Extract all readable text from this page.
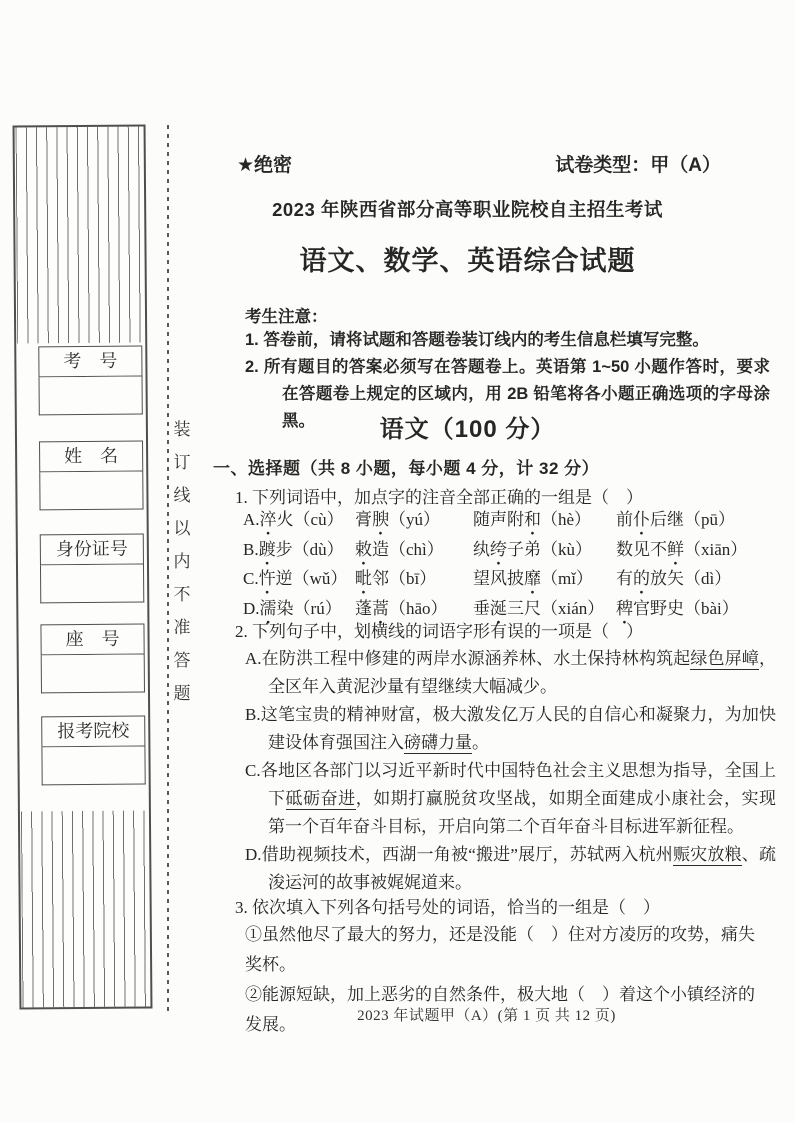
考　号
姓　名
身份证号
座　号
报考院校
装
订
线
以
内
不
准
答
题
★绝密	试卷类型：甲（A）
2023 年陕西省部分高等职业院校自主招生考试
语文、数学、英语综合试题
考生注意：

1. 答卷前，请将试题和答题卷装订线内的考生信息栏填写完整。

2. 所有题目的答案必须写在答题卷上。英语第 1~50 小题作答时，要求在答题卷上规定的区域内，用 2B 铅笔将各小题正确选项的字母涂黑。	语文（100 分）
一、选择题（共 8 小题，每小题 4 分，计 32 分）

1. 下列词语中，加点字的注音全部正确的一组是（　）

A.淬 ●火（cù） 膏腴 ●（yú）	随声附和 ●（hè）	前仆 ●后继（pū）
B.踱 ●步（dù） 敕 ●造（chì）	纨绔 ●子弟（kù）	数见不鲜 ●（xiān）
C.忤 ●逆（wǔ） 毗 ●邻（bī）	望风披靡 ●（mǐ）	有的 ●放矢（dì）
D.濡 ●染（rú） 蓬蒿 ●（hāo）	垂涎 ●三尺（xián） 稗 ●官野史（bài）

2. 下列句子中，划横线的词语字形有误的一项是（　）

A.在防洪工程中修建的两岸水源涵养林、水土保持林构筑起绿色屏嶂，全区年入黄泥沙量有望继续大幅减少。

B.这笔宝贵的精神财富，极大激发亿万人民的自信心和凝聚力，为加快建设体育强国注入磅礴力量。

C.各地区各部门以习近平新时代中国特色社会主义思想为指导，全国上下砥砺奋进，如期打赢脱贫攻坚战，如期全面建成小康社会，实现第一个百年奋斗目标，开启向第二个百年奋斗目标进军新征程。

D.借助视频技术，西湖一角被“搬进”展厅，苏轼两入杭州赈灾放粮、疏浚运河的故事被娓娓道来。

3. 依次填入下列各句括号处的词语，恰当的一组是（　）

①虽然他尽了最大的努力，还是没能（　）住对方凌厉的攻势，痛失奖杯。

②能源短缺，加上恶劣的自然条件，极大地（　）着这个小镇经济的发展。	2023 年试题甲（A）(第 1 页 共 12 页)
